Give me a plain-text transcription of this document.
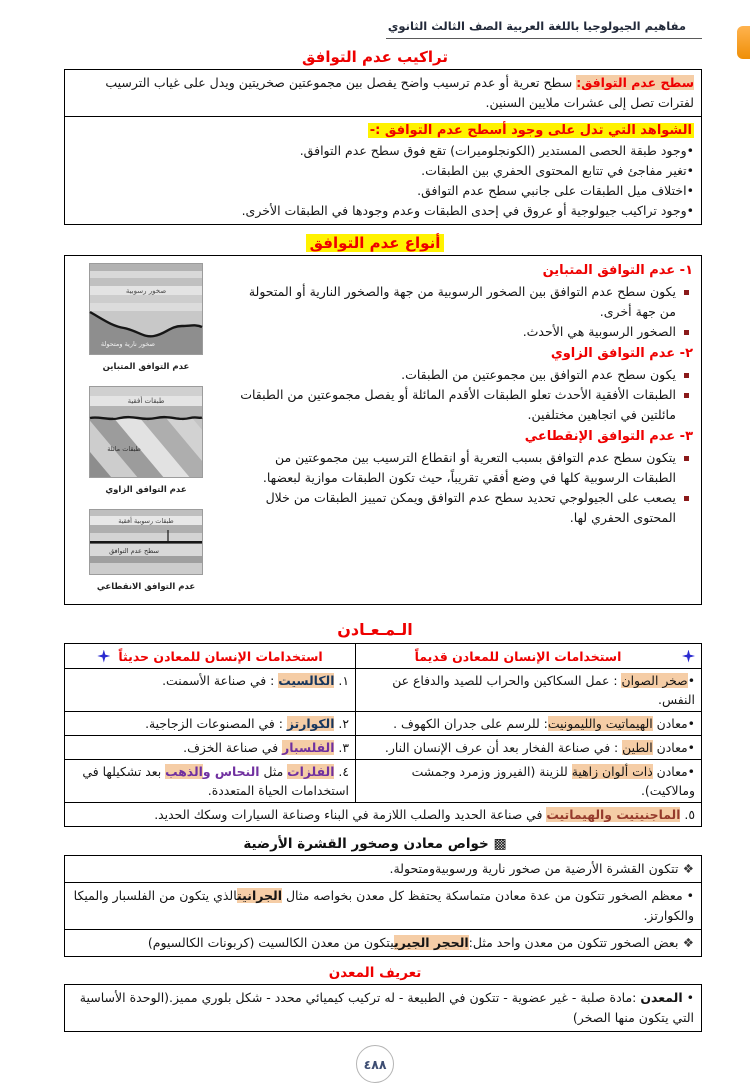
مفاهيم الجيولوجيا باللغة العربية الصف الثالث الثانوي
تراكيب عدم التوافق
سطح عدم التوافق: سطح تعرية أو عدم ترسيب واضح يفصل بين مجموعتين صخريتين ويدل على غياب الترسيب لفترات تصل إلى عشرات ملايين السنين.
الشواهد التي تدل على وجود أسطح عدم التوافق :-
•وجود طبقة الحصى المستدير (الكونجلوميرات) تقع فوق سطح عدم التوافق.
•تغير مفاجئ في تتابع المحتوى الحفري بين الطبقات.
•اختلاف ميل الطبقات على جانبي سطح عدم التوافق.
•وجود تراكيب جيولوجية أو عروق في إحدى الطبقات وعدم وجودها في الطبقات الأخرى.
أنواع عدم التوافق
١- عدم التوافق المتباين
يكون سطح عدم التوافق بين الصخور الرسوبية من جهة والصخور النارية أو المتحولة من جهة أخرى.
الصخور الرسوبية هي الأحدث.
٢- عدم التوافق الزاوي
يكون سطح عدم التوافق بين مجموعتين من الطبقات.
الطبقات الأفقية الأحدث تعلو الطبقات الأقدم المائلة أو يفصل مجموعتين من الطبقات مائلتين في اتجاهين مختلفين.
٣- عدم التوافق الإنقطاعي
يتكون سطح عدم التوافق بسبب التعرية أو انقطاع الترسيب بين مجموعتين من الطبقات الرسوبية كلها في وضع أفقي تقريباً، حيث تكون الطبقات موازية لبعضها.
يصعب على الجيولوجي تحديد سطح عدم التوافق ويمكن تمييز الطبقات من خلال المحتوى الحفري لها.
صخور رسوبية
صخور نارية ومتحولة
عدم التوافق المتباين
طبقات أفقية
طبقات مائلة
عدم التوافق الزاوي
طبقات رسوبية أفقية
سطح عدم التوافق
عدم التوافق الانقطاعي
الـمـعـادن
استخدامات الإنسان للمعادن قديماً	استخدامات الإنسان للمعادن حديثاً

•صخر الصوان : عمل السكاكين والحراب للصيد والدفاع عن النفس.	١. الكالسيت : في صناعة الأسمنت.
•معادن الهيماتيت والليمونيت: للرسم على جدران الكهوف .	٢. الكوارتز : في المصنوعات الزجاجية.
•معادن الطين : في صناعة الفخار بعد أن عرف الإنسان النار.	٣. الفلسبار في صناعة الخزف.
•معادن ذات ألوان زاهية للزينة (الفيروز وزمرد وجمشت ومالاكيت).	٤. الفلزات مثل النحاس والذهب بعد تشكيلها في استخدامات الحياة المتعددة.
٥. الماجنيتيت والهيماتيت في صناعة الحديد والصلب اللازمة في البناء وصناعة السيارات وسكك الحديد.	
▩ خواص معادن وصخور القشرة الأرضية
❖ تتكون القشرة الأرضية من صخور نارية ورسوبيةومتحولة.
• معظم الصخور تتكون من عدة معادن متماسكة يحتفظ كل معدن بخواصه مثال الجرانيتالذي يتكون من الفلسبار والميكا والكوارتز.
❖ بعض الصخور تتكون من معدن واحد مثل:الحجر الجيرييتكون من معدن الكالسيت (كربونات الكالسيوم)
تعريف المعدن
• المعدن :مادة صلبة - غير عضوية - تتكون في الطبيعة - له تركيب كيميائي محدد - شكل بلوري مميز.(الوحدة الأساسية التي يتكون منها الصخر)
٤٨٨
